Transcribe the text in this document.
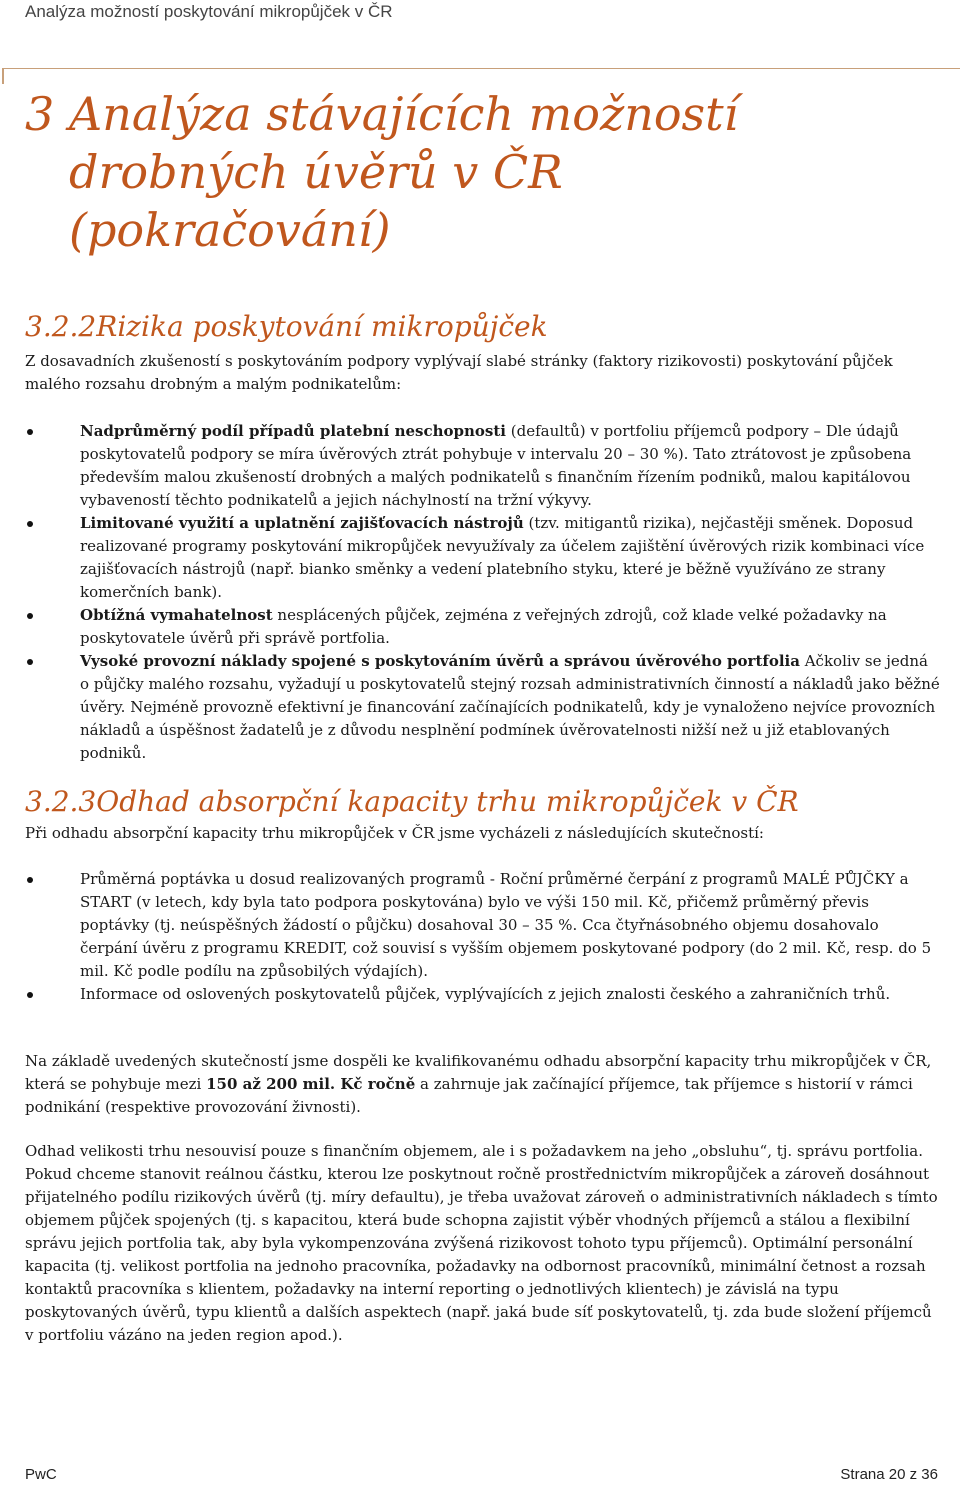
Analýza možností poskytování mikropůjček v ČR
3 Analýza stávajících možností
drobných úvěrů v ČR
(pokračování)
3.2.2Rizika poskytování mikropůjček

Z dosavadních zkušeností s poskytováním podpory vyplývají slabé stránky (faktory rizikovosti) poskytování půjček malého rozsahu drobným a malým podnikatelům:

Nadprůměrný podíl případů platební neschopnosti (defaultů) v portfoliu příjemců podpory – Dle údajů poskytovatelů podpory se míra úvěrových ztrát pohybuje v intervalu 20 – 30 %). Tato ztrátovost je způsobena především malou zkušeností drobných a malých podnikatelů s finančním řízením podniků, malou kapitálovou vybaveností těchto podnikatelů a jejich náchylností na tržní výkyvy.
Limitované využití a uplatnění zajišťovacích nástrojů (tzv. mitigantů rizika), nejčastěji směnek. Doposud realizované programy poskytování mikropůjček nevyužívaly za účelem zajištění úvěrových rizik kombinaci více zajišťovacích nástrojů (např. bianko směnky a vedení platebního styku, které je běžně využíváno ze strany komerčních bank).
Obtížná vymahatelnost nesplácených půjček, zejména z veřejných zdrojů, což klade velké požadavky na poskytovatele úvěrů při správě portfolia.
Vysoké provozní náklady spojené s poskytováním úvěrů a správou úvěrového portfolia Ačkoliv se jedná o půjčky malého rozsahu, vyžadují u poskytovatelů stejný rozsah administrativních činností a nákladů jako běžné úvěry. Nejméně provozně efektivní je financování začínajících podnikatelů, kdy je vynaloženo nejvíce provozních nákladů a úspěšnost žadatelů je z důvodu nesplnění podmínek úvěrovatelnosti nižší než u již etablovaných podniků.
3.2.3Odhad absorpční kapacity trhu mikropůjček v ČR

Při odhadu absorpční kapacity trhu mikropůjček v ČR jsme vycházeli z následujících skutečností:

Průměrná poptávka u dosud realizovaných programů - Roční průměrné čerpání z programů MALÉ PŮJČKY a START (v letech, kdy byla tato podpora poskytována) bylo ve výši 150 mil. Kč, přičemž průměrný převis poptávky (tj. neúspěšných žádostí o půjčku) dosahoval 30 – 35 %. Cca čtyřnásobného objemu dosahovalo čerpání úvěru z programu KREDIT, což souvisí s vyšším objemem poskytované podpory (do 2 mil. Kč, resp. do 5 mil. Kč podle podílu na způsobilých výdajích).
Informace od oslovených poskytovatelů půjček, vyplývajících z jejich znalosti českého a zahraničních trhů.

Na základě uvedených skutečností jsme dospěli ke kvalifikovanému odhadu absorpční kapacity trhu mikropůjček v ČR, která se pohybuje mezi 150 až 200 mil. Kč ročně a zahrnuje jak začínající příjemce, tak příjemce s historií v rámci podnikání (respektive provozování živnosti).

Odhad velikosti trhu nesouvisí pouze s finančním objemem, ale i s požadavkem na jeho „obsluhu“, tj. správu portfolia. Pokud chceme stanovit reálnou částku, kterou lze poskytnout ročně prostřednictvím mikropůjček a zároveň dosáhnout přijatelného podílu rizikových úvěrů (tj. míry defaultu), je třeba uvažovat zároveň o administrativních nákladech s tímto objemem půjček spojených (tj. s kapacitou, která bude schopna zajistit výběr vhodných příjemců a stálou a flexibilní správu jejich portfolia tak, aby byla vykompenzována zvýšená rizikovost tohoto typu příjemců). Optimální personální kapacita (tj. velikost portfolia na jednoho pracovníka, požadavky na odbornost pracovníků, minimální četnost a rozsah kontaktů pracovníka s klientem, požadavky na interní reporting o jednotlivých klientech) je závislá na typu poskytovaných úvěrů, typu klientů a dalších aspektech (např. jaká bude síť poskytovatelů, tj. zda bude složení příjemců v portfoliu vázáno na jeden region apod.).

PwC	Strana 20 z 36
